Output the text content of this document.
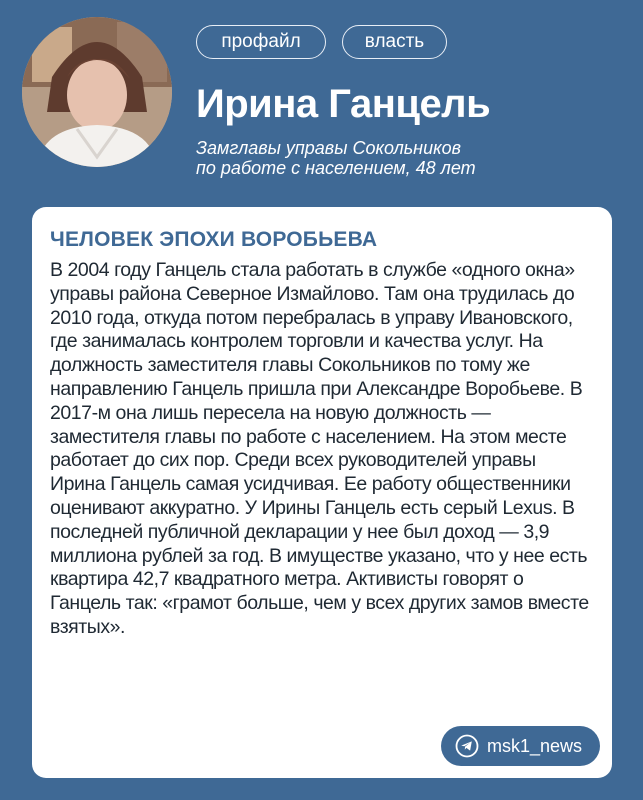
профайл	власть
Ирина Ганцель

Замглавы управы Сокольников
по работе с населением, 48 лет

ЧЕЛОВЕК ЭПОХИ ВОРОБЬЕВА

В 2004 году Ганцель стала работать в службе «одного окна» управы района Северное Измайлово. Там она трудилась до 2010 года, откуда потом перебралась в управу Ивановского, где занималась контролем торговли и качества услуг. На должность заместителя главы Сокольников по тому же направлению Ганцель пришла при Александре Воробьеве. В 2017-м она лишь пересела на новую должность — заместителя главы по работе с населением. На этом месте работает до сих пор. Среди всех руководителей управы Ирина Ганцель самая усидчивая. Ее работу общественники оценивают аккуратно. У Ирины Ганцель есть серый Lexus. В последней публичной декларации у нее был доход — 3,9 миллиона рублей за год. В имуществе указано, что у нее есть квартира 42,7 квадратного метра. Активисты говорят о Ганцель так: «грамот больше, чем у всех других замов вместе взятых».

msk1_news
